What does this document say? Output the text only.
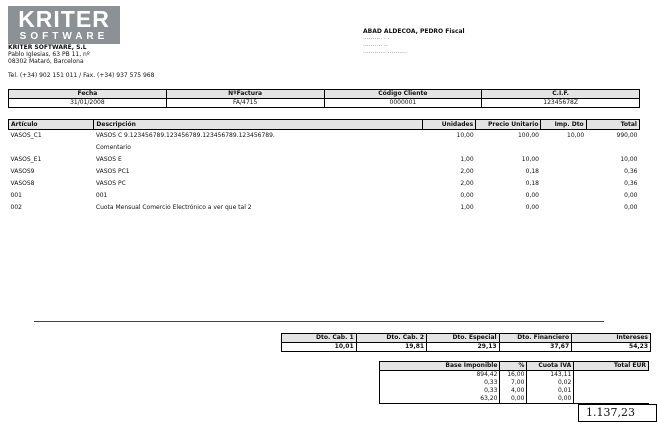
KRITER
SOFTWARE
KRITER SOFTWARE, S.L
Pablo Iglesias, 63 PB 11, nº
08302 Mataró, Barcelona
Tel. (+34) 902 151 011 / Fax. (+34) 937 575 968
ABAD ALDECOA, PEDRO Fiscal
·········· · ·
·········· ··
············ ··········
Fecha	NºFactura	Código Cliente	C.I.F.
31/01/2008	FA/4715	0000001	12345678Z
Artículo	Descripción	Unidades	Precio Unitario	Imp. Dto	Total
VASOS_C1	VASOS C 9.123456789.123456789.123456789.123456789.	10,00	100,00	10,00	990,00
	Comentario				
VASOS_E1	VASOS E	1,00	10,00		10,00
VASOS9	VASOS PC1	2,00	0,18		0,36
VASOS8	VASOS PC	2,00	0,18		0,36
001	001	0,00	0,00		0,00
002	Cuota Mensual Comercio Electrónico a ver que tal 2	1,00	0,00		0,00
Dto. Cab. 1	Dto. Cab. 2	Dto. Especial	Dto. Financiero	Intereses
10,01	19,81	29,13	37,67	54,23
Base Imponible	%	Cuota IVA	Total EUR
894,42	16,00	143,11	
0,33	7,00	0,02	
0,33	4,00	0,01	
63,20	0,00	0,00	
1.137,23
